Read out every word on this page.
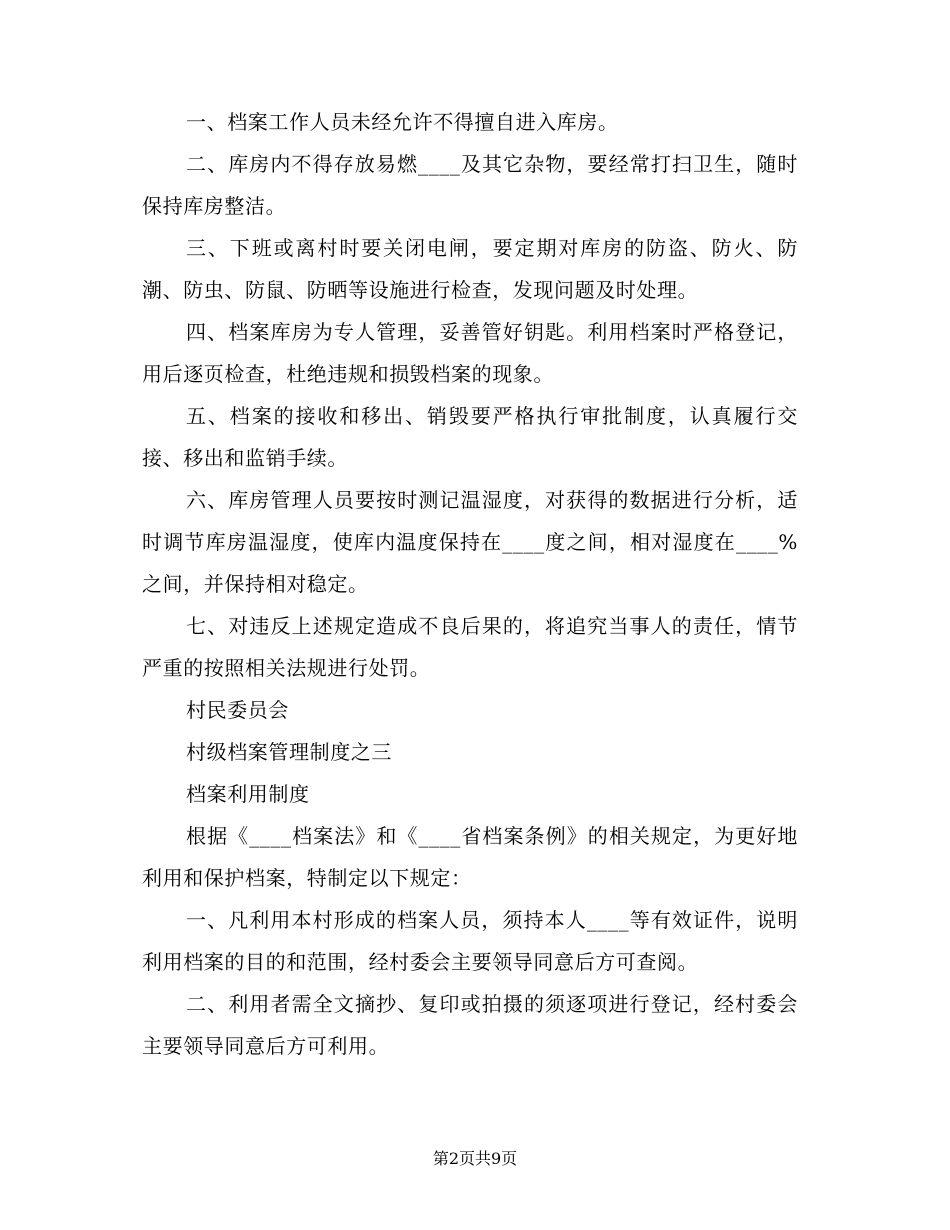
一、档案工作人员未经允许不得擅自进入库房。

二、库房内不得存放易燃____及其它杂物，要经常打扫卫生，随时保持库房整洁。

三、下班或离村时要关闭电闸，要定期对库房的防盗、防火、防潮、防虫、防鼠、防晒等设施进行检查，发现问题及时处理。

四、档案库房为专人管理，妥善管好钥匙。利用档案时严格登记，用后逐页检查，杜绝违规和损毁档案的现象。

五、档案的接收和移出、销毁要严格执行审批制度，认真履行交接、移出和监销手续。

六、库房管理人员要按时测记温湿度，对获得的数据进行分析，适时调节库房温湿度，使库内温度保持在____度之间，相对湿度在____%之间，并保持相对稳定。

七、对违反上述规定造成不良后果的，将追究当事人的责任，情节严重的按照相关法规进行处罚。

村民委员会

村级档案管理制度之三

档案利用制度

根据《____档案法》和《____省档案条例》的相关规定，为更好地利用和保护档案，特制定以下规定：

一、凡利用本村形成的档案人员，须持本人____等有效证件，说明利用档案的目的和范围，经村委会主要领导同意后方可查阅。

二、利用者需全文摘抄、复印或拍摄的须逐项进行登记，经村委会主要领导同意后方可利用。

第2页共9页
